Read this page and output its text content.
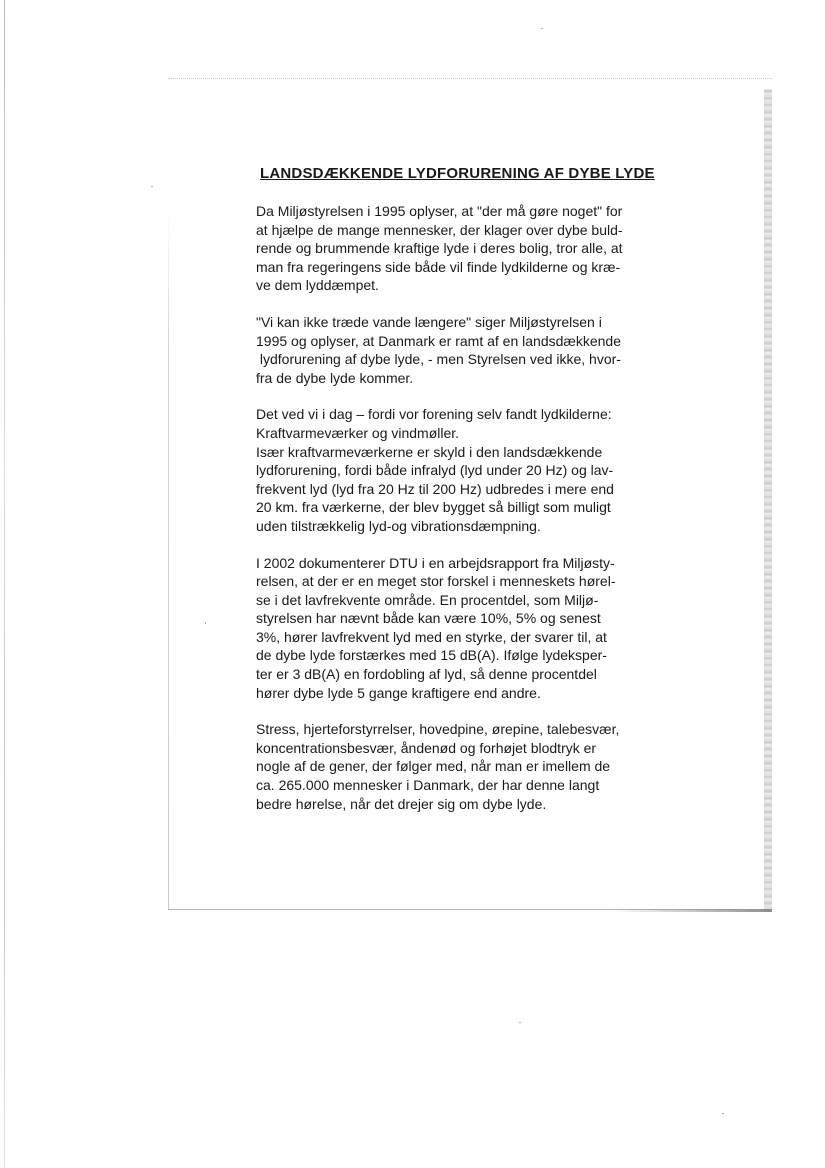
LANDSDÆKKENDE LYDFORURENING AF DYBE LYDE
Da Miljøstyrelsen i 1995 oplyser, at "der må gøre noget" for
at hjælpe de mange mennesker, der klager over dybe buld-
rende og brummende kraftige lyde i deres bolig, tror alle, at
man fra regeringens side både vil finde lydkilderne og kræ-
ve dem lyddæmpet.
"Vi kan ikke træde vande længere" siger Miljøstyrelsen i
1995 og oplyser, at Danmark er ramt af en landsdækkende
lydforurening af dybe lyde, - men Styrelsen ved ikke, hvor-
fra de dybe lyde kommer.
Det ved vi i dag – fordi vor forening selv fandt lydkilderne:
Kraftvarmeværker og vindmøller.
Især kraftvarmeværkerne er skyld i den landsdækkende
lydforurening, fordi både infralyd (lyd under 20 Hz) og lav-
frekvent lyd (lyd fra 20 Hz til 200 Hz) udbredes i mere end
20 km. fra værkerne, der blev bygget så billigt som muligt
uden tilstrækkelig lyd-og vibrationsdæmpning.
I 2002 dokumenterer DTU i en arbejdsrapport fra Miljøsty-
relsen, at der er en meget stor forskel i menneskets hørel-
se i det lavfrekvente område. En procentdel, som Miljø-
styrelsen har nævnt både kan være 10%, 5% og senest
3%, hører lavfrekvent lyd med en styrke, der svarer til, at
de dybe lyde forstærkes med 15 dB(A). Ifølge lydeksper-
ter er 3 dB(A) en fordobling af lyd, så denne procentdel
hører dybe lyde 5 gange kraftigere end andre.
Stress, hjerteforstyrrelser, hovedpine, ørepine, talebesvær,
koncentrationsbesvær, åndenød og forhøjet blodtryk er
nogle af de gener, der følger med, når man er imellem de
ca. 265.000 mennesker i Danmark, der har denne langt
bedre hørelse, når det drejer sig om dybe lyde.
